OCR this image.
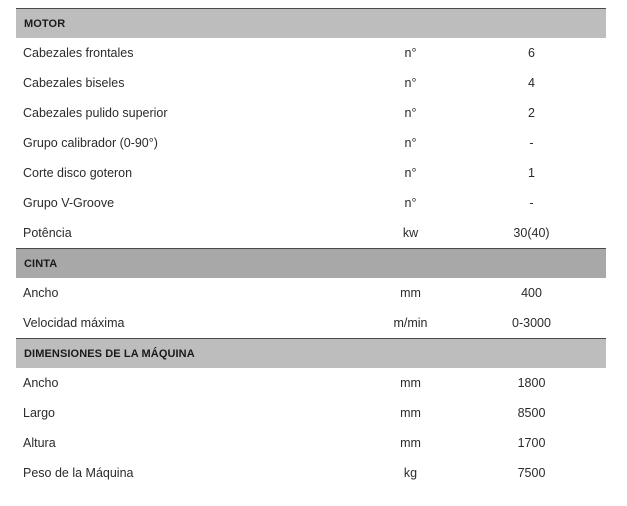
MOTOR
Cabezales frontales	n°	6
Cabezales biseles	n°	4
Cabezales pulido superior	n°	2
Grupo calibrador (0-90°)	n°	-
Corte disco goteron	n°	1
Grupo V-Groove	n°	-
Potência	kw	30(40)
CINTA
Ancho	mm	400
Velocidad máxima	m/min	0-3000
DIMENSIONES DE LA MÁQUINA
Ancho	mm	1800
Largo	mm	8500
Altura	mm	1700
Peso de la Máquina	kg	7500
